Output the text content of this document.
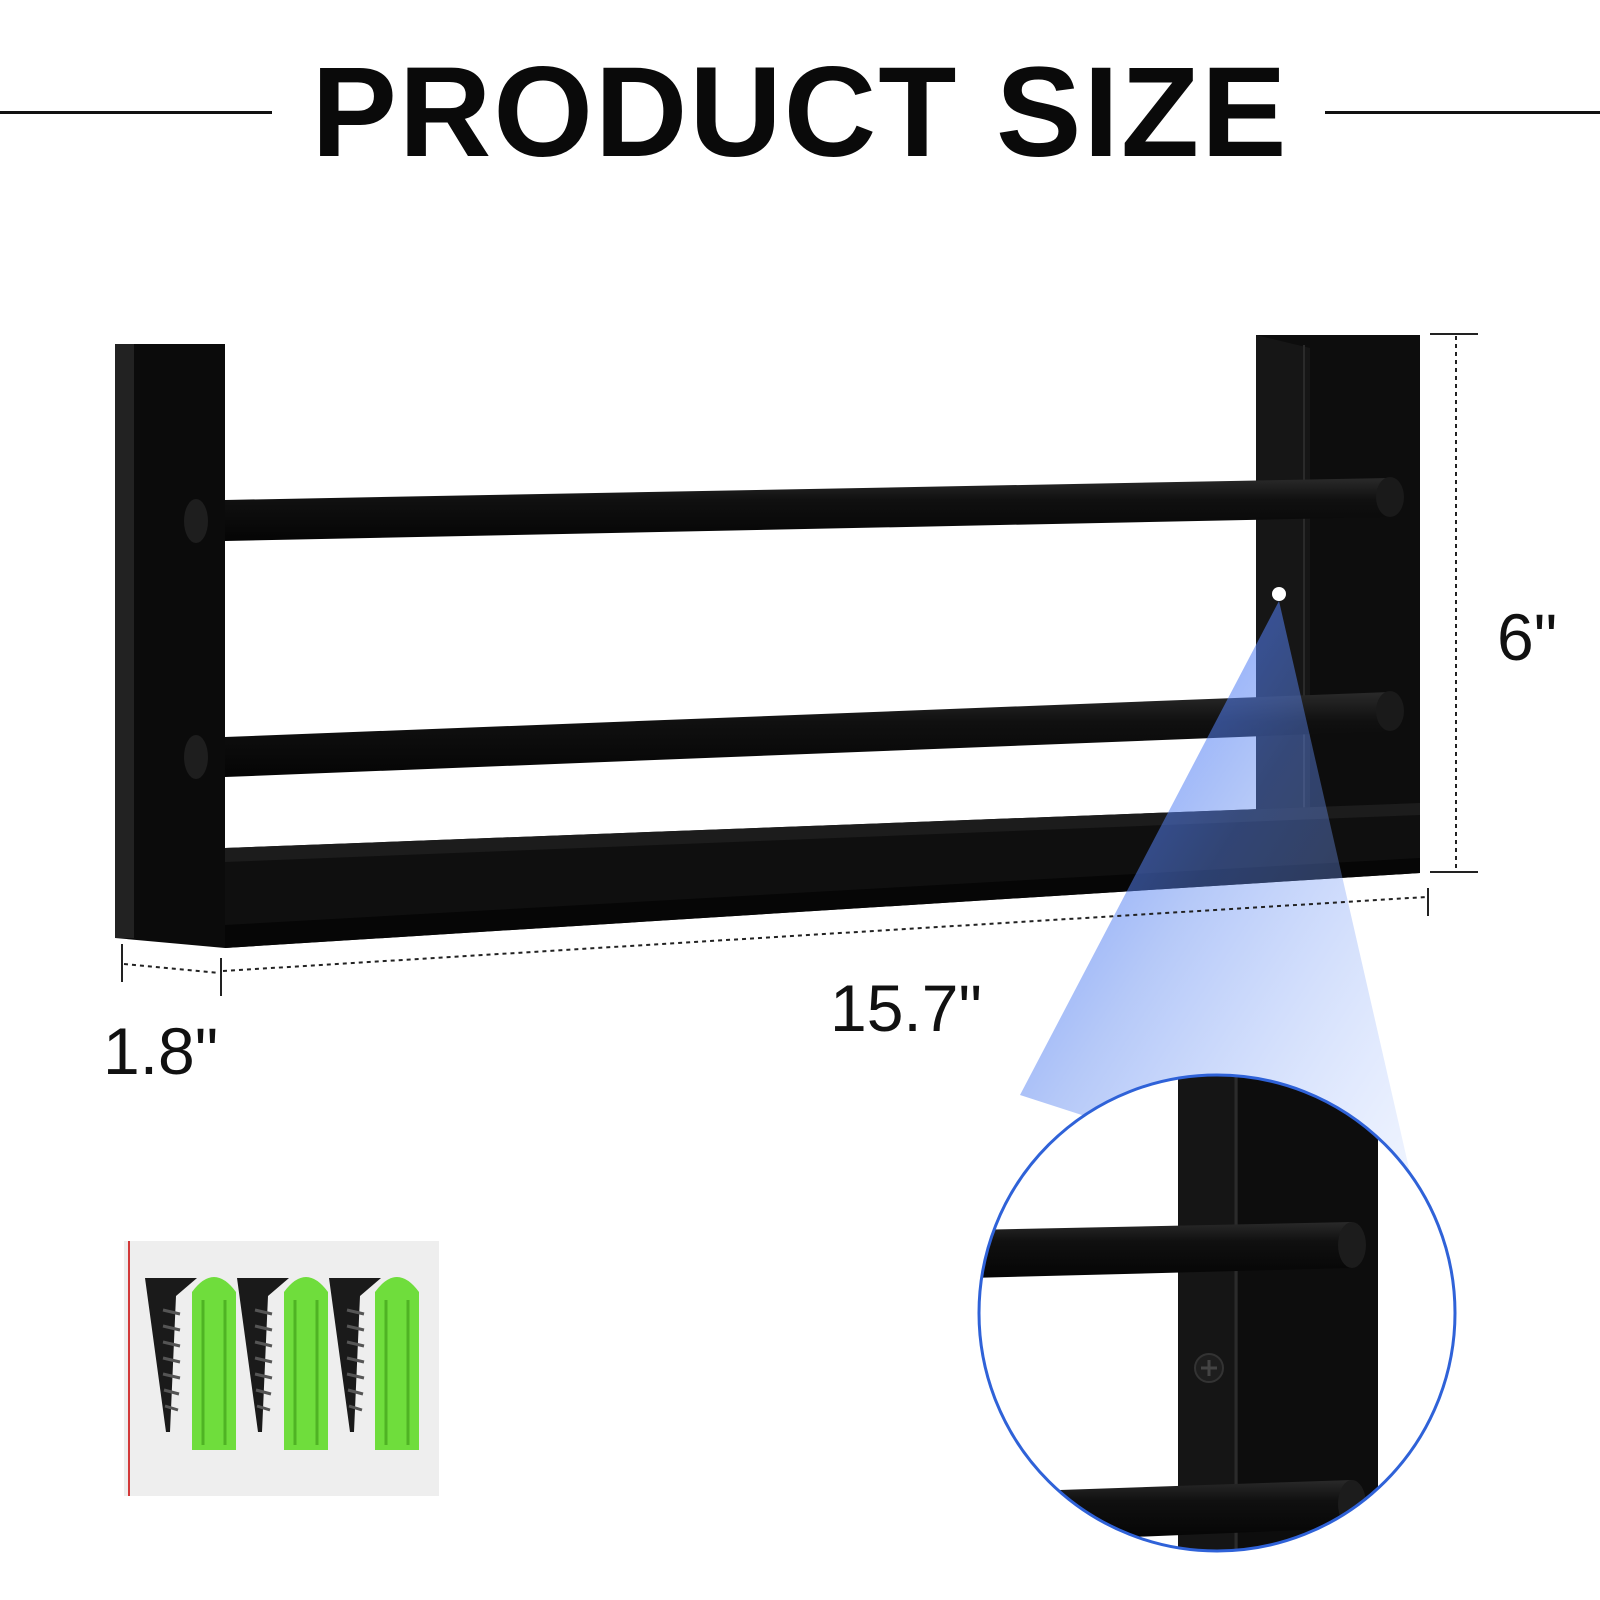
PRODUCT SIZE
6"
15.7"
1.8"
